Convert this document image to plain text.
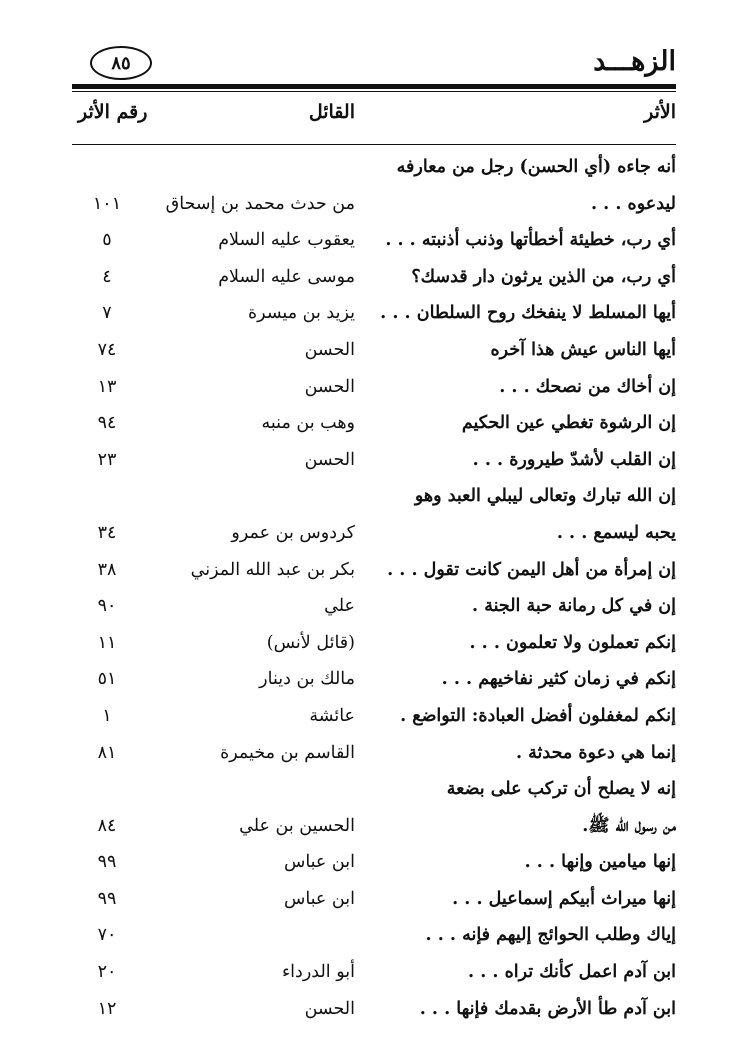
الزهـــد
٨٥
الأثر
القائل
رقم الأثر
أنه جاءه (أي الحسن) رجل من معارفه
ليدعوه . . .
من حدث محمد بن إسحاق
١٠١
أي رب، خطيئة أخطأتها وذنب أذنبته . . .
يعقوب عليه السلام
٥
أي رب، من الذين يرثون دار قدسك؟
موسى عليه السلام
٤
أيها المسلط لا ينفخك روح السلطان . . .
يزيد بن ميسرة
٧
أيها الناس عيش هذا آخره
الحسن
٧٤
إن أخاك من نصحك . . .
الحسن
١٣
إن الرشوة تغطي عين الحكيم
وهب بن منبه
٩٤
إن القلب لأشدّ طيرورة . . .
الحسن
٢٣
إن الله تبارك وتعالى ليبلي العبد وهو
يحبه ليسمع . . .
كردوس بن عمرو
٣٤
إن إمرأة من أهل اليمن كانت تقول . . .
بكر بن عبد الله المزني
٣٨
إن في كل رمانة حبة الجنة .
علي
٩٠
إنكم تعملون ولا تعلمون . . .
(قائل لأنس)
١١
إنكم في زمان كثير نفاخيهم . . .
مالك بن دينار
٥١
إنكم لمغفلون أفضل العبادة: التواضع .
عائشة
١
إنما هي دعوة محدثة .
القاسم بن مخيمرة
٨١
إنه لا يصلح أن تركب على بضعة
من رسول الله ﷺ.
الحسين بن علي
٨٤
إنها ميامين وإنها . . .
ابن عباس
٩٩
إنها ميراث أبيكم إسماعيل . . .
ابن عباس
٩٩
إياك وطلب الحوائج إليهم فإنه . . .
٧٠
ابن آدم اعمل كأنك تراه . . .
أبو الدرداء
٢٠
ابن آدم طأ الأرض بقدمك فإنها . . .
الحسن
١٢
